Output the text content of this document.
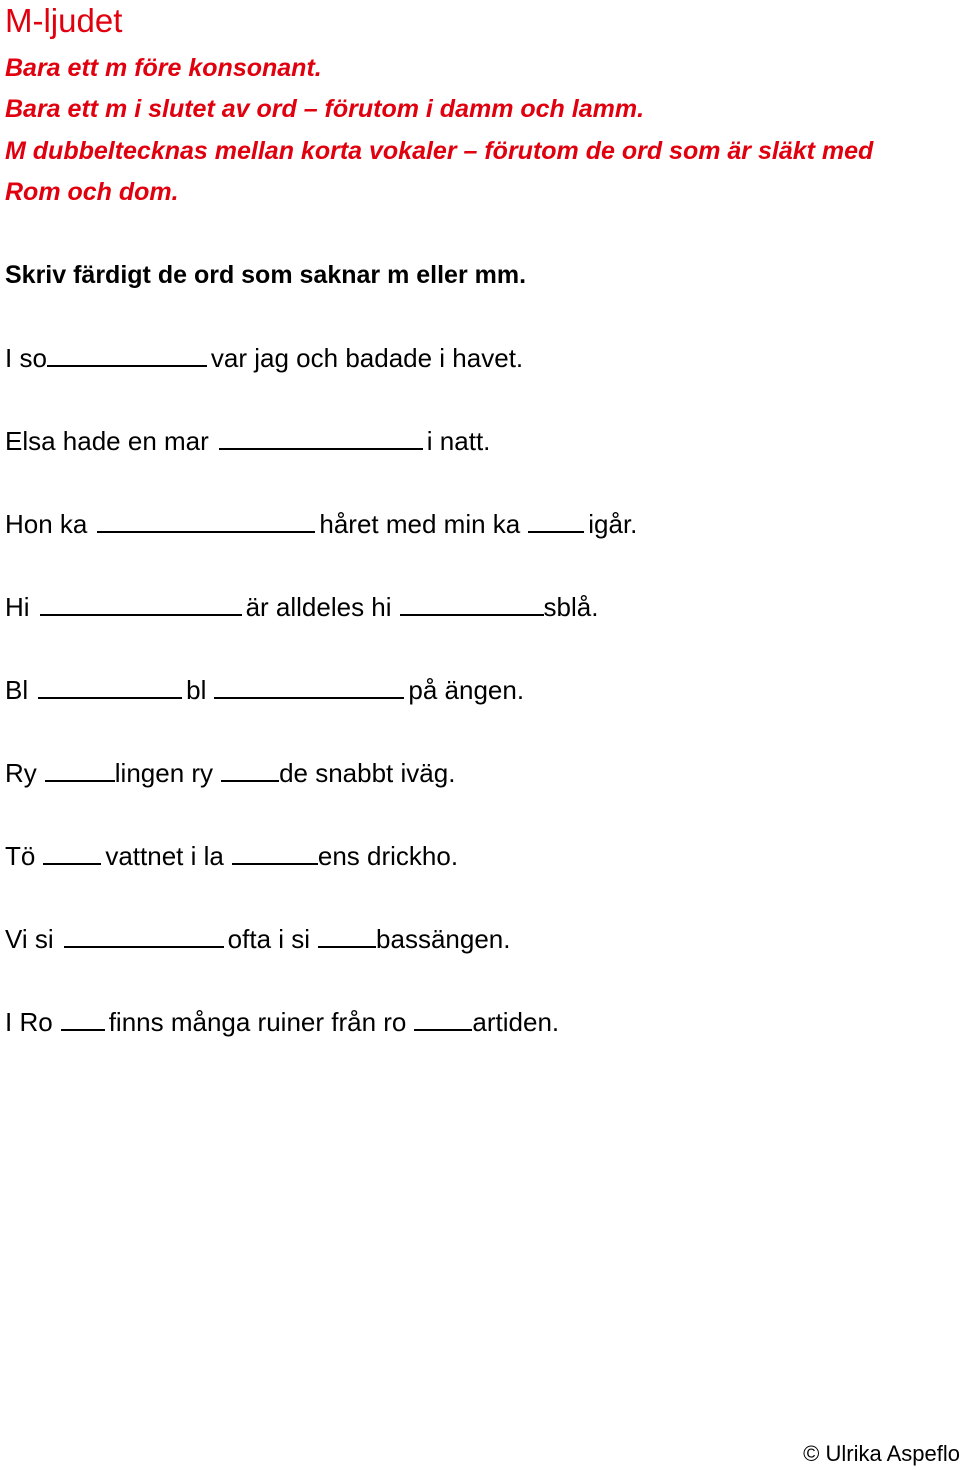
M-ljudet
Bara ett m före konsonant.
Bara ett m i slutet av ord – förutom i damm och lamm.
M dubbeltecknas mellan korta vokaler – förutom de ord som är släkt med
Rom och dom.
Skriv färdigt de ord som saknar m eller mm.
I so	var jag och badade i havet.
Elsa hade en mar	i natt.
Hon ka	håret med min ka	igår.
Hi	är alldeles hi	sblå.
Bl	bl	på ängen.
Ry	lingen ry	de snabbt iväg.
Tö	vattnet i la	ens drickho.
Vi si	ofta i si	bassängen.
I Ro finns många ruiner från ro	artiden.
© Ulrika Aspeflo
